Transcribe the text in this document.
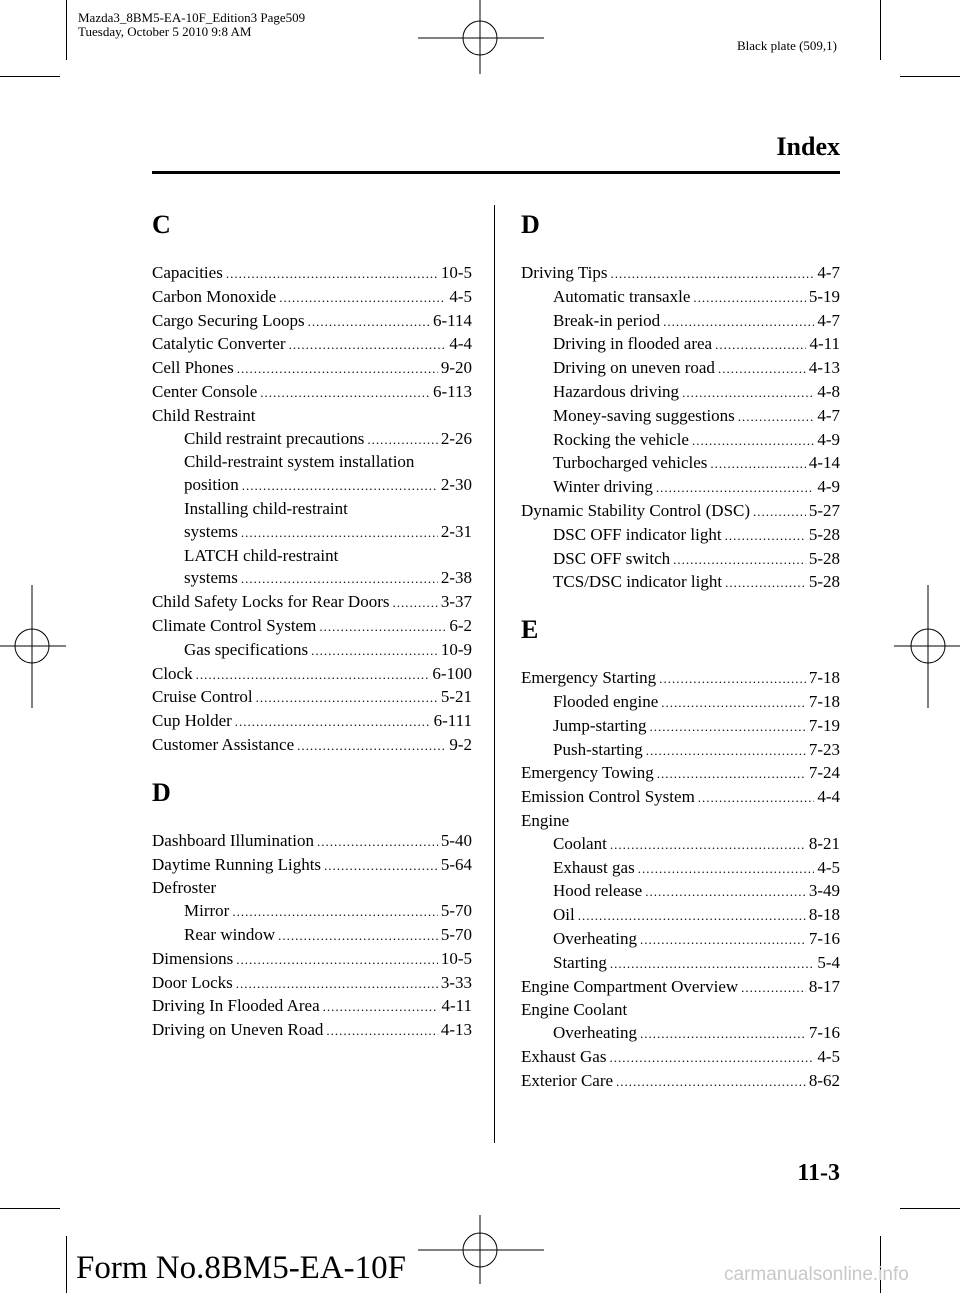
Mazda3_8BM5-EA-10F_Edition3 Page509
Tuesday, October 5 2010 9:8 AM
Black plate (509,1)
Index
C
Capacities .....	10-5
Carbon Monoxide .....	4-5
Cargo Securing Loops .....	6-114
Catalytic Converter .....	4-4
Cell Phones .....	9-20
Center Console .....	6-113
Child Restraint
Child restraint precautions .....	2-26
Child-restraint system installation
position .....	2-30
Installing child-restraint
systems .....	2-31
LATCH child-restraint
systems .....	2-38
Child Safety Locks for Rear Doors .....	3-37
Climate Control System .....	6-2
Gas specifications .....	10-9
Clock .....	6-100
Cruise Control .....	5-21
Cup Holder .....	6-111
Customer Assistance .....	9-2
D
Dashboard Illumination .....	5-40
Daytime Running Lights .....	5-64
Defroster
Mirror .....	5-70
Rear window .....	5-70
Dimensions .....	10-5
Door Locks .....	3-33
Driving In Flooded Area .....	4-11
Driving on Uneven Road .....	4-13
D
Driving Tips .....	4-7
Automatic transaxle .....	5-19
Break-in period .....	4-7
Driving in flooded area .....	4-11
Driving on uneven road .....	4-13
Hazardous driving .....	4-8
Money-saving suggestions .....	4-7
Rocking the vehicle .....	4-9
Turbocharged vehicles .....	4-14
Winter driving .....	4-9
Dynamic Stability Control (DSC) .....	5-27
DSC OFF indicator light .....	5-28
DSC OFF switch .....	5-28
TCS/DSC indicator light .....	5-28
E
Emergency Starting .....	7-18
Flooded engine .....	7-18
Jump-starting .....	7-19
Push-starting .....	7-23
Emergency Towing .....	7-24
Emission Control System .....	4-4
Engine
Coolant .....	8-21
Exhaust gas .....	4-5
Hood release .....	3-49
Oil .....	8-18
Overheating .....	7-16
Starting .....	5-4
Engine Compartment Overview .....	8-17
Engine Coolant
Overheating .....	7-16
Exhaust Gas .....	4-5
Exterior Care .....	8-62
11-3
Form No.8BM5-EA-10F	carmanualsonline.info
